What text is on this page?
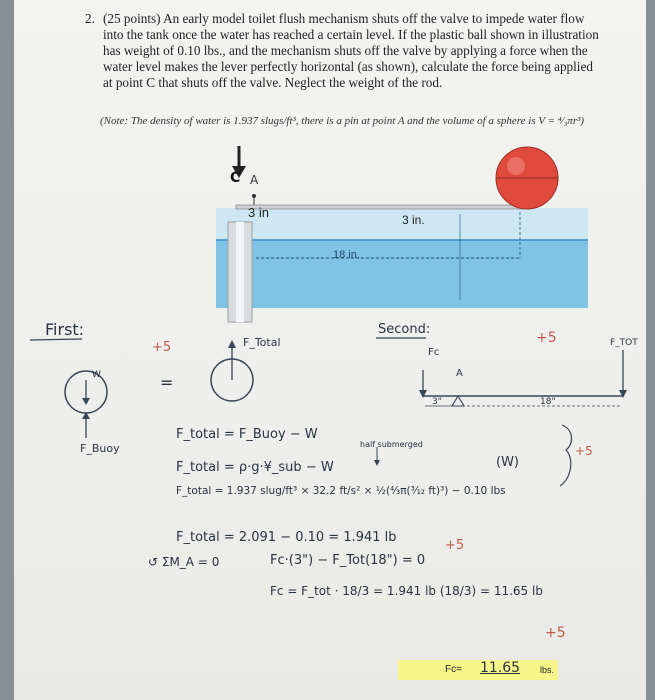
2. (25 points) An early model toilet flush mechanism shuts off the valve to impede water flow into the tank once the water has reached a certain level. If the plastic ball shown in illustration has weight of 0.10 lbs., and the mechanism shuts off the valve by applying a force when the water level makes the lever perfectly horizontal (as shown), calculate the force being applied at point C that shuts off the valve. Neglect the weight of the rod.
(Note: The density of water is 1.937 slugs/ft³, there is a pin at point A and the volume of a sphere is V = ⁴⁄₃πr³)
C A
3 in	3 in.
18 in.
First:
W
F_Buoy
=
+5	F_Total
Second:
Fc
A
3"	18"
F_TOT
+5
+5
F_total = F_Buoy − W
half submerged
F_total = ρ·g·¥_sub − W	(W)
F_total = 1.937 slug/ft³ × 32.2 ft/s² × ½(⁴⁄₃π(³⁄₁₂ ft)³) − 0.10 lbs
F_total = 2.091 − 0.10 = 1.941 lb
+5
↺ ΣM_A = 0	Fc·(3") − F_Tot(18") = 0
Fc = F_tot · 18/3 = 1.941 lb (18/3) = 11.65 lb
+5
Fc= 11.65 lbs.
